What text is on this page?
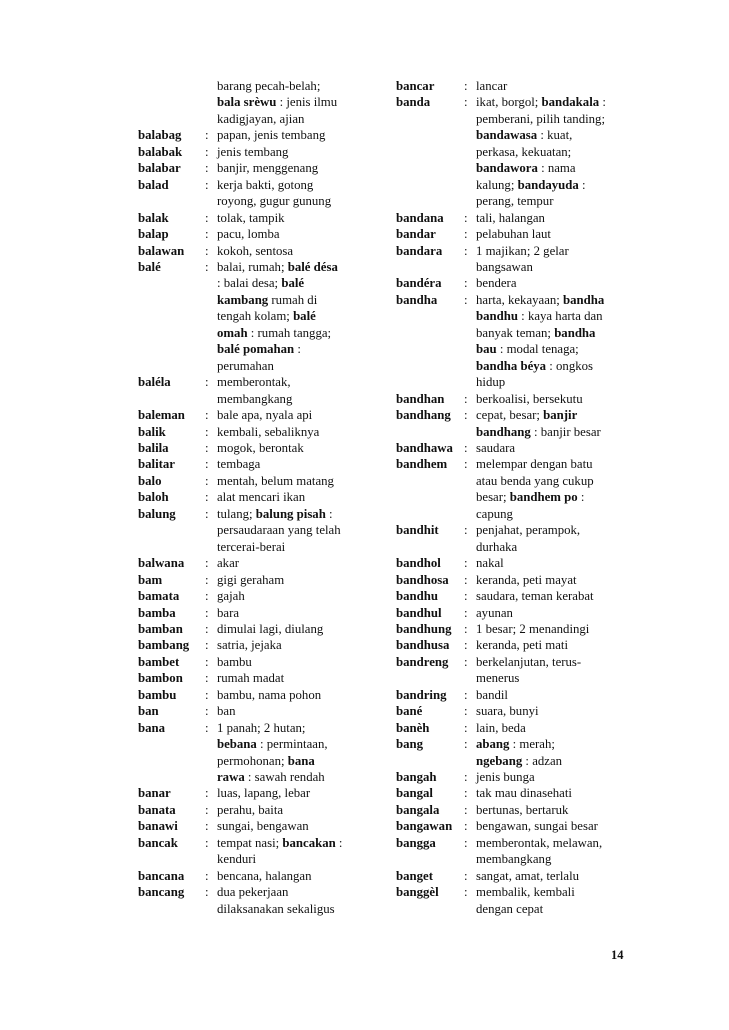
barang pecah-belah;
bala srèwu : jenis ilmu
kadigjayan, ajian
balabag	: papan, jenis tembang
balabak	: jenis tembang
balabar	: banjir, menggenang
balad	: kerja bakti, gotong
royong, gugur gunung
balak	: tolak, tampik
balap	: pacu, lomba
balawan	: kokoh, sentosa
balé	: balai, rumah; balé désa
: balai desa; balé
kambang rumah di
tengah kolam; balé
omah : rumah tangga;
balé pomahan :
perumahan
baléla	: memberontak,
membangkang
baleman	: bale apa, nyala api
balik	: kembali, sebaliknya
balila	: mogok, berontak
balitar	: tembaga
balo	: mentah, belum matang
baloh	: alat mencari ikan
balung	: tulang; balung pisah :
persaudaraan yang telah
tercerai-berai
balwana	: akar
bam	: gigi geraham
bamata	: gajah
bamba	: bara
bamban	: dimulai lagi, diulang
bambang	: satria, jejaka
bambet	: bambu
bambon	: rumah madat
bambu	: bambu, nama pohon
ban	: ban
bana	: 1 panah; 2 hutan;
bebana : permintaan,
permohonan; bana
rawa : sawah rendah
banar	: luas, lapang, lebar
banata	: perahu, baita
banawi	: sungai, bengawan
bancak	: tempat nasi; bancakan :
kenduri
bancana	: bencana, halangan
bancang	: dua pekerjaan
dilaksanakan sekaligus
bancar	: lancar
banda	: ikat, borgol; bandakala :
pemberani, pilih tanding;
bandawasa : kuat,
perkasa, kekuatan;
bandawora : nama
kalung; bandayuda :
perang, tempur
bandana	: tali, halangan
bandar	: pelabuhan laut
bandara	: 1 majikan; 2 gelar
bangsawan
bandéra	: bendera
bandha	: harta, kekayaan; bandha
bandhu : kaya harta dan
banyak teman; bandha
bau : modal tenaga;
bandha béya : ongkos
hidup
bandhan	: berkoalisi, bersekutu
bandhang	: cepat, besar; banjir
bandhang : banjir besar
bandhawa : saudara
bandhem	: melempar dengan batu
atau benda yang cukup
besar; bandhem po :
capung
bandhit	: penjahat, perampok,
durhaka
bandhol	: nakal
bandhosa	: keranda, peti mayat
bandhu	: saudara, teman kerabat
bandhul	: ayunan
bandhung : 1 besar; 2 menandingi
bandhusa	: keranda, peti mati
bandreng	: berkelanjutan, terus-
menerus
bandring	: bandil
bané	: suara, bunyi
banèh	: lain, beda
bang	: abang : merah;
ngebang : adzan
bangah	: jenis bunga
bangal	: tak mau dinasehati
bangala	: bertunas, bertaruk
bangawan : bengawan, sungai besar
bangga	: memberontak, melawan,
membangkang
banget	: sangat, amat, terlalu
banggèl	: membalik, kembali
dengan cepat
14
